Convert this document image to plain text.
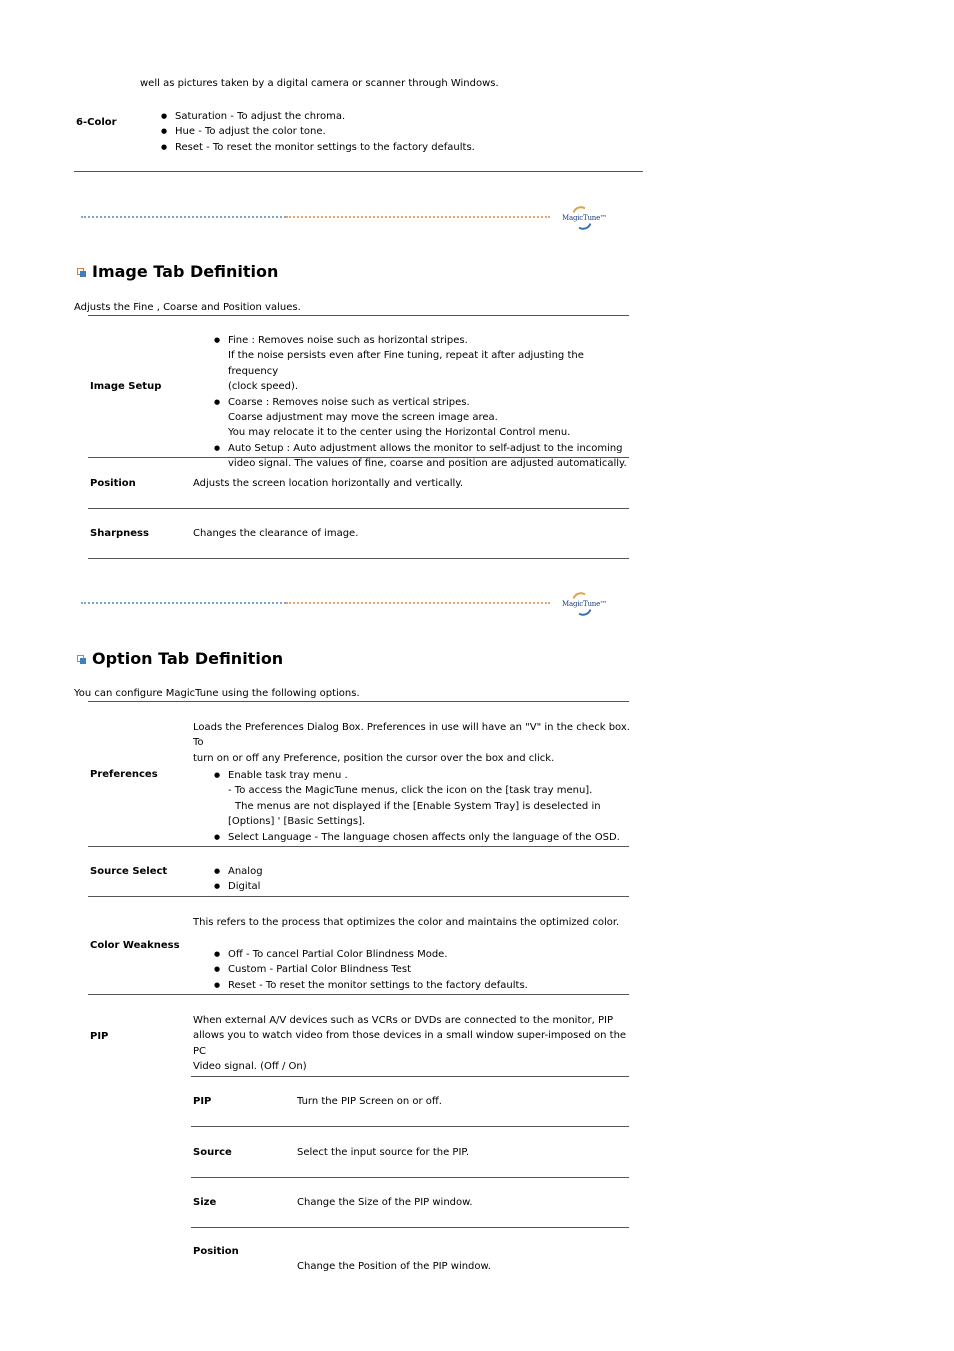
well as pictures taken by a digital camera or scanner through Windows.
6-Color
● Saturation - To adjust the chroma.
● Hue - To adjust the color tone.
● Reset - To reset the monitor settings to the factory defaults.
MagicTune™
Image Tab Definition
Adjusts the Fine , Coarse and Position values.
Image Setup
● Fine : Removes noise such as horizontal stripes.
If the noise persists even after Fine tuning, repeat it after adjusting the frequency
(clock speed).
● Coarse : Removes noise such as vertical stripes.
Coarse adjustment may move the screen image area.
You may relocate it to the center using the Horizontal Control menu.
● Auto Setup : Auto adjustment allows the monitor to self-adjust to the incoming
video signal. The values of fine, coarse and position are adjusted automatically.
Position	Adjusts the screen location horizontally and vertically.
Sharpness	Changes the clearance of image.
MagicTune™
Option Tab Definition
You can configure MagicTune using the following options.
Preferences
Loads the Preferences Dialog Box. Preferences in use will have an "V" in the check box. To
turn on or off any Preference, position the cursor over the box and click.
● Enable task tray menu .
- To access the MagicTune menus, click the icon on the [task tray menu].
The menus are not displayed if the [Enable System Tray] is deselected in
[Options] ' [Basic Settings].
● Select Language - The language chosen affects only the language of the OSD.
Source Select
●	Analog
● Digital
Color Weakness
This refers to the process that optimizes the color and maintains the optimized color.
● Off - To cancel Partial Color Blindness Mode.
● Custom - Partial Color Blindness Test
● Reset - To reset the monitor settings to the factory defaults.
PIP
When external A/V devices such as VCRs or DVDs are connected to the monitor, PIP
allows you to watch video from those devices in a small window super-imposed on the PC
Video signal. (Off / On)
PIP	Turn the PIP Screen on or off.
Source	Select the input source for the PIP.
Size	Change the Size of the PIP window.
Position
Change the Position of the PIP window.
